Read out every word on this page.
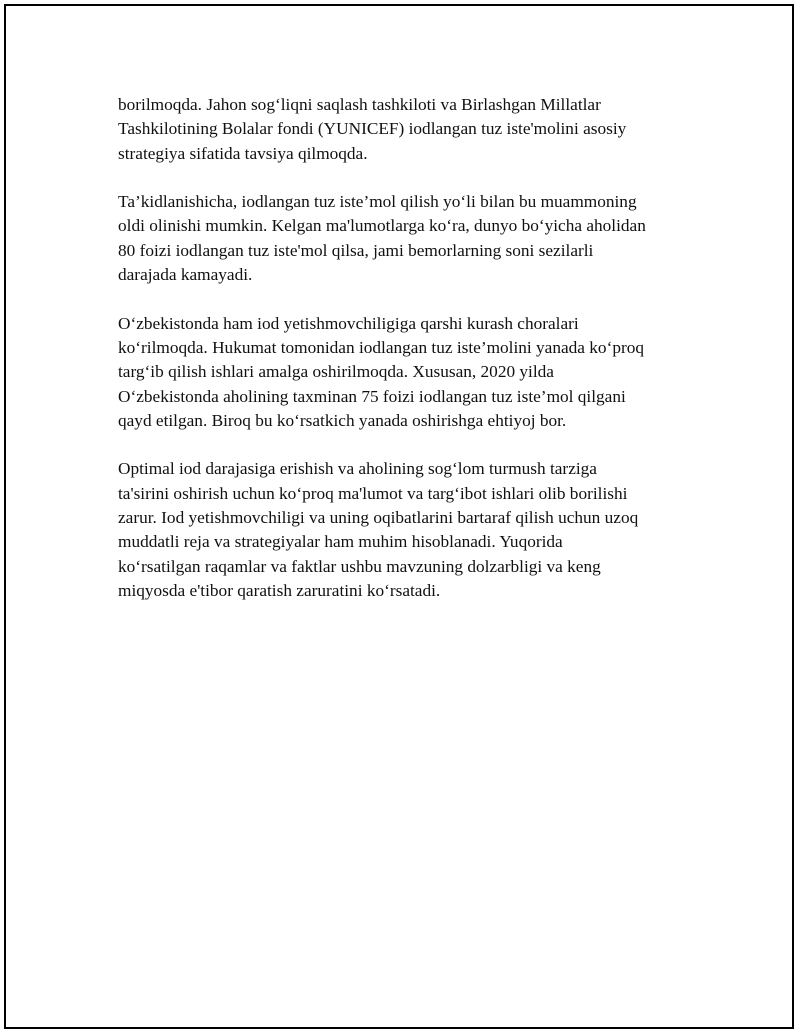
borilmoqda. Jahon sog‘liqni saqlash tashkiloti va Birlashgan Millatlar
Tashkilotining Bolalar fondi (YUNICEF) iodlangan tuz iste'molini asosiy
strategiya sifatida tavsiya qilmoqda.

Ta’kidlanishicha, iodlangan tuz iste’mol qilish yo‘li bilan bu muammoning
oldi olinishi mumkin. Kelgan ma'lumotlarga ko‘ra, dunyo bo‘yicha aholidan
80 foizi iodlangan tuz iste'mol qilsa, jami bemorlarning soni sezilarli
darajada kamayadi.

O‘zbekistonda ham iod yetishmovchiligiga qarshi kurash choralari
ko‘rilmoqda. Hukumat tomonidan iodlangan tuz iste’molini yanada ko‘proq
targ‘ib qilish ishlari amalga oshirilmoqda. Xususan, 2020 yilda
O‘zbekistonda aholining taxminan 75 foizi iodlangan tuz iste’mol qilgani
qayd etilgan. Biroq bu ko‘rsatkich yanada oshirishga ehtiyoj bor.

Optimal iod darajasiga erishish va aholining sog‘lom turmush tarziga
ta'sirini oshirish uchun ko‘proq ma'lumot va targ‘ibot ishlari olib borilishi
zarur. Iod yetishmovchiligi va uning oqibatlarini bartaraf qilish uchun uzoq
muddatli reja va strategiyalar ham muhim hisoblanadi. Yuqorida
ko‘rsatilgan raqamlar va faktlar ushbu mavzuning dolzarbligi va keng
miqyosda e'tibor qaratish zaruratini ko‘rsatadi.
